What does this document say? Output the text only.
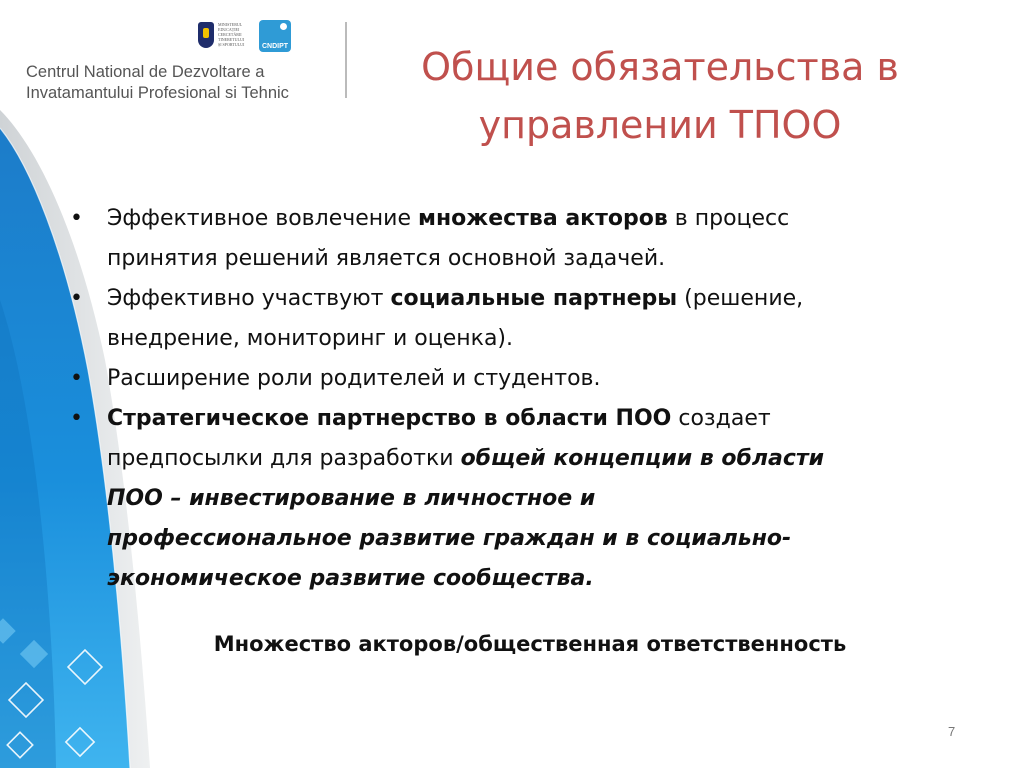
MINISTERUL EDUCAȚIEI CERCETĂRII TINERETULUI ȘI SPORTULUI	CNDIPT
Centrul National de Dezvoltare a
Invatamantului Profesional si Tehnic
Общие обязательства в
управлении ТПОО
• Эффективное вовлечение множества акторов в процесс
принятия решений является основной задачей.
• Эффективно участвуют социальные партнеры (решение,
внедрение, мониторинг и оценка).
• Расширение роли родителей и студентов.
• Стратегическое партнерство в области ПОО создает
предпосылки для разработки общей концепции в области
ПОО – инвестирование в личностное и
профессиональное развитие граждан и в социально-
экономическое развитие сообщества.
Множество акторов/общественная ответственность
7
